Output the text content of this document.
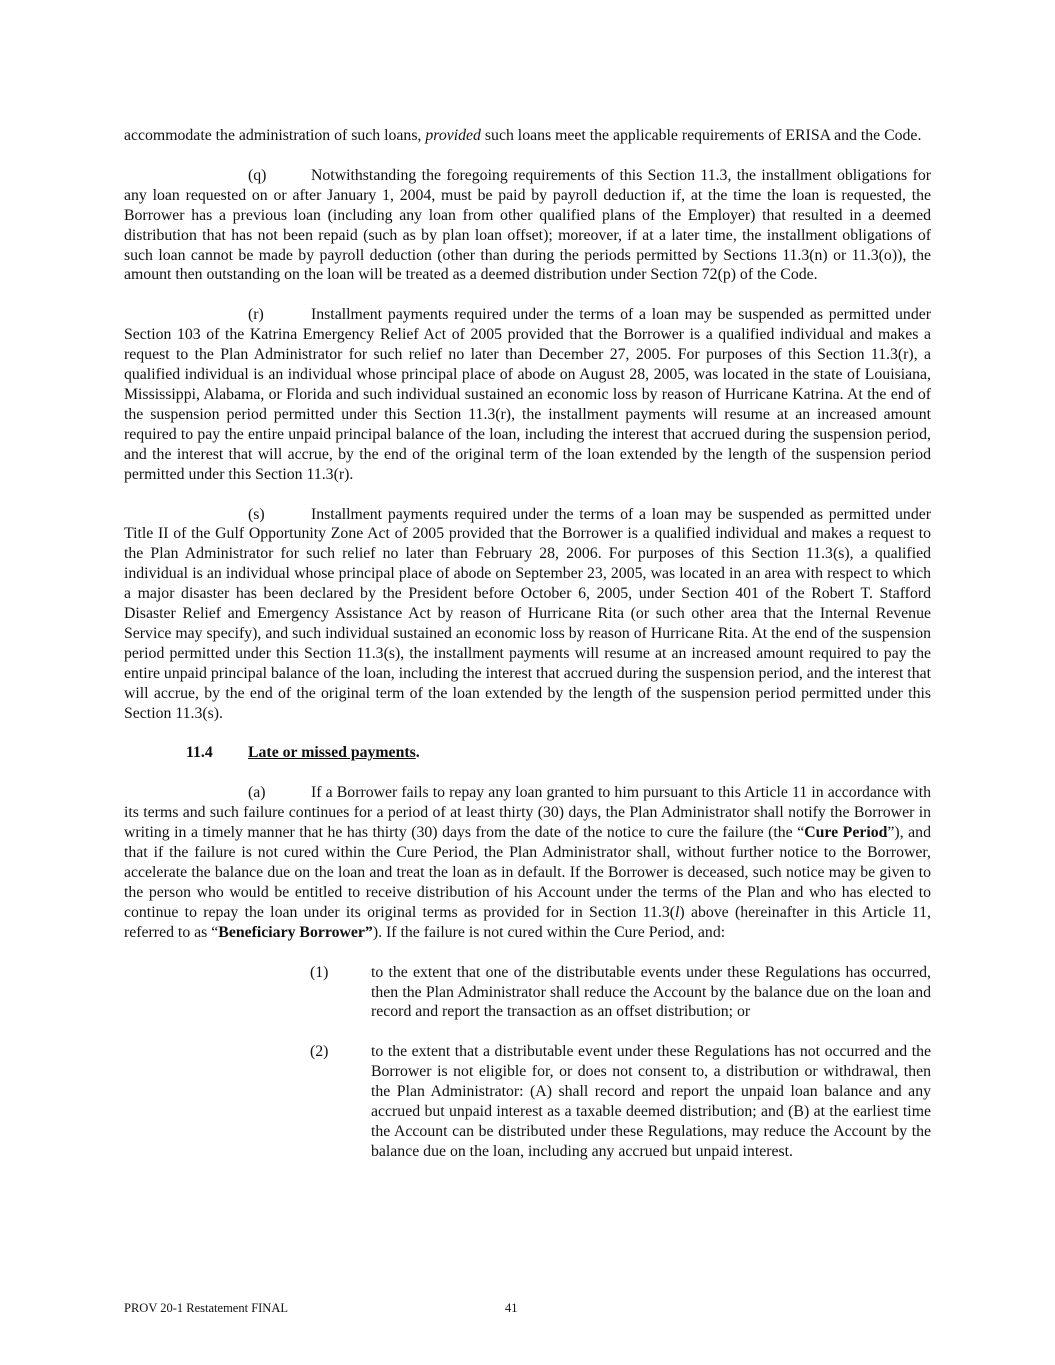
accommodate the administration of such loans, provided such loans meet the applicable requirements of ERISA and the Code.

(q)	Notwithstanding the foregoing requirements of this Section 11.3, the installment obligations for any loan requested on or after January 1, 2004, must be paid by payroll deduction if, at the time the loan is requested, the Borrower has a previous loan (including any loan from other qualified plans of the Employer) that resulted in a deemed distribution that has not been repaid (such as by plan loan offset); moreover, if at a later time, the installment obligations of such loan cannot be made by payroll deduction (other than during the periods permitted by Sections 11.3(n) or 11.3(o)), the amount then outstanding on the loan will be treated as a deemed distribution under Section 72(p) of the Code.

(r)	Installment payments required under the terms of a loan may be suspended as permitted under Section 103 of the Katrina Emergency Relief Act of 2005 provided that the Borrower is a qualified individual and makes a request to the Plan Administrator for such relief no later than December 27, 2005. For purposes of this Section 11.3(r), a qualified individual is an individual whose principal place of abode on August 28, 2005, was located in the state of Louisiana, Mississippi, Alabama, or Florida and such individual sustained an economic loss by reason of Hurricane Katrina. At the end of the suspension period permitted under this Section 11.3(r), the installment payments will resume at an increased amount required to pay the entire unpaid principal balance of the loan, including the interest that accrued during the suspension period, and the interest that will accrue, by the end of the original term of the loan extended by the length of the suspension period permitted under this Section 11.3(r).

(s)	Installment payments required under the terms of a loan may be suspended as permitted under Title II of the Gulf Opportunity Zone Act of 2005 provided that the Borrower is a qualified individual and makes a request to the Plan Administrator for such relief no later than February 28, 2006. For purposes of this Section 11.3(s), a qualified individual is an individual whose principal place of abode on September 23, 2005, was located in an area with respect to which a major disaster has been declared by the President before October 6, 2005, under Section 401 of the Robert T. Stafford Disaster Relief and Emergency Assistance Act by reason of Hurricane Rita (or such other area that the Internal Revenue Service may specify), and such individual sustained an economic loss by reason of Hurricane Rita. At the end of the suspension period permitted under this Section 11.3(s), the installment payments will resume at an increased amount required to pay the entire unpaid principal balance of the loan, including the interest that accrued during the suspension period, and the interest that will accrue, by the end of the original term of the loan extended by the length of the suspension period permitted under this Section 11.3(s).

11.4	Late or missed payments.

(a)	If a Borrower fails to repay any loan granted to him pursuant to this Article 11 in accordance with its terms and such failure continues for a period of at least thirty (30) days, the Plan Administrator shall notify the Borrower in writing in a timely manner that he has thirty (30) days from the date of the notice to cure the failure (the “Cure Period”), and that if the failure is not cured within the Cure Period, the Plan Administrator shall, without further notice to the Borrower, accelerate the balance due on the loan and treat the loan as in default. If the Borrower is deceased, such notice may be given to the person who would be entitled to receive distribution of his Account under the terms of the Plan and who has elected to continue to repay the loan under its original terms as provided for in Section 11.3(l) above (hereinafter in this Article 11, referred to as “Beneficiary Borrower”). If the failure is not cured within the Cure Period, and:

(1)	to the extent that one of the distributable events under these Regulations has occurred, then the Plan Administrator shall reduce the Account by the balance due on the loan and record and report the transaction as an offset distribution; or
(2)	to the extent that a distributable event under these Regulations has not occurred and the Borrower is not eligible for, or does not consent to, a distribution or withdrawal, then the Plan Administrator: (A) shall record and report the unpaid loan balance and any accrued but unpaid interest as a taxable deemed distribution; and (B) at the earliest time the Account can be distributed under these Regulations, may reduce the Account by the balance due on the loan, including any accrued but unpaid interest.
PROV 20-1 Restatement FINAL	41
